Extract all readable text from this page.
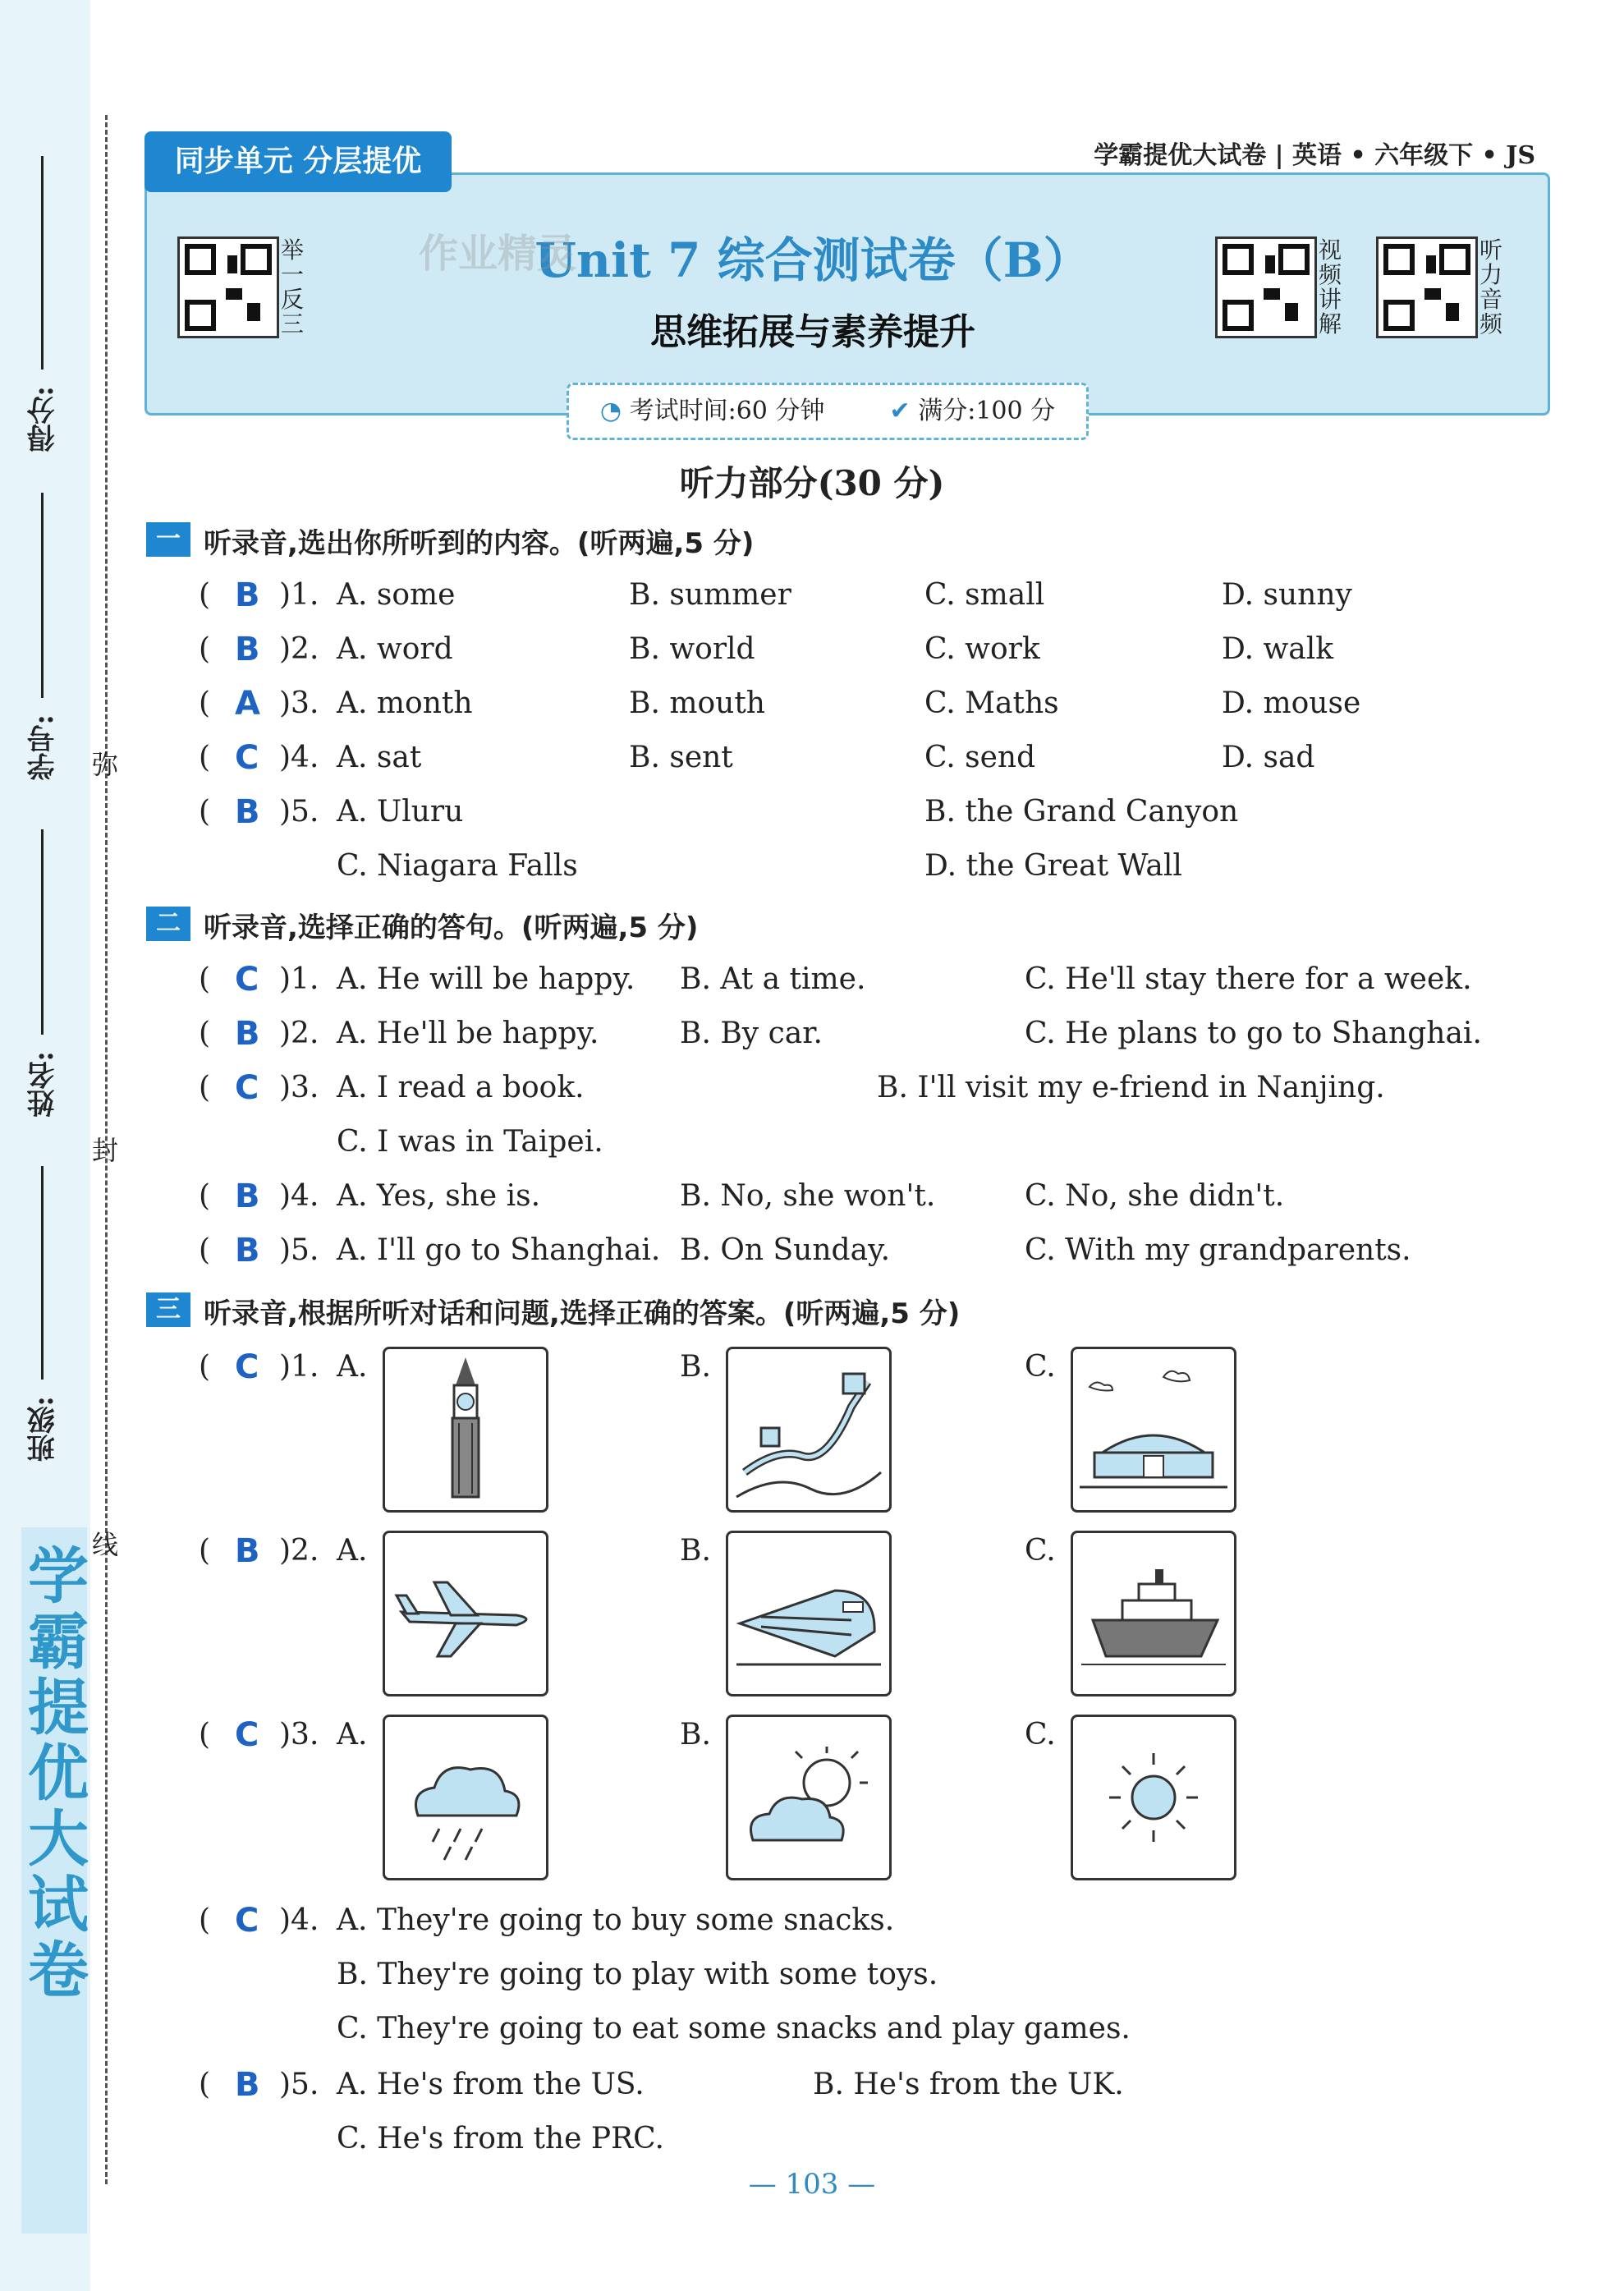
学霸提优大试卷
得分:
学号:
姓名:
班级:
弥
封
线
同步单元 分层提优	学霸提优大试卷 | 英语 • 六年级下 • JS
举一反三
视频讲解
听力音频
Unit 7 综合测试卷（B）
作业精灵
思维拓展与素养提升
◔ 考试时间:60 分钟	✔ 满分:100 分
听力部分(30 分)
一 听录音,选出你所听到的内容。(听两遍,5 分)
( B )1. A. some	B. summer	C. small	D. sunny
( B )2. A. word	B. world	C. work	D. walk
( A )3. A. month	B. mouth	C. Maths	D. mouse
( C )4. A. sat	B. sent	C. send	D. sad
( B )5. A. Uluru	B. the Grand Canyon
C. Niagara Falls	D. the Great Wall
二 听录音,选择正确的答句。(听两遍,5 分)
( C )1. A. He will be happy. B. At a time.	C. He'll stay there for a week.
( B )2. A. He'll be happy.	B. By car.	C. He plans to go to Shanghai.
( C )3. A. I read a book.	B. I'll visit my e-friend in Nanjing.
C. I was in Taipei.
( B )4. A. Yes, she is.	B. No, she won't.	C. No, she didn't.
( B )5. A. I'll go to Shanghai. B. On Sunday.	C. With my grandparents.
三 听录音,根据所听对话和问题,选择正确的答案。(听两遍,5 分)
( C )1. A.	B.	C.
( B )2. A.	B.	C.
( C )3. A.	B.	C.
( C )4. A. They're going to buy some snacks.
B. They're going to play with some toys.
C. They're going to eat some snacks and play games.
( B )5. A. He's from the US.	B. He's from the UK.
C. He's from the PRC.
— 103 —
